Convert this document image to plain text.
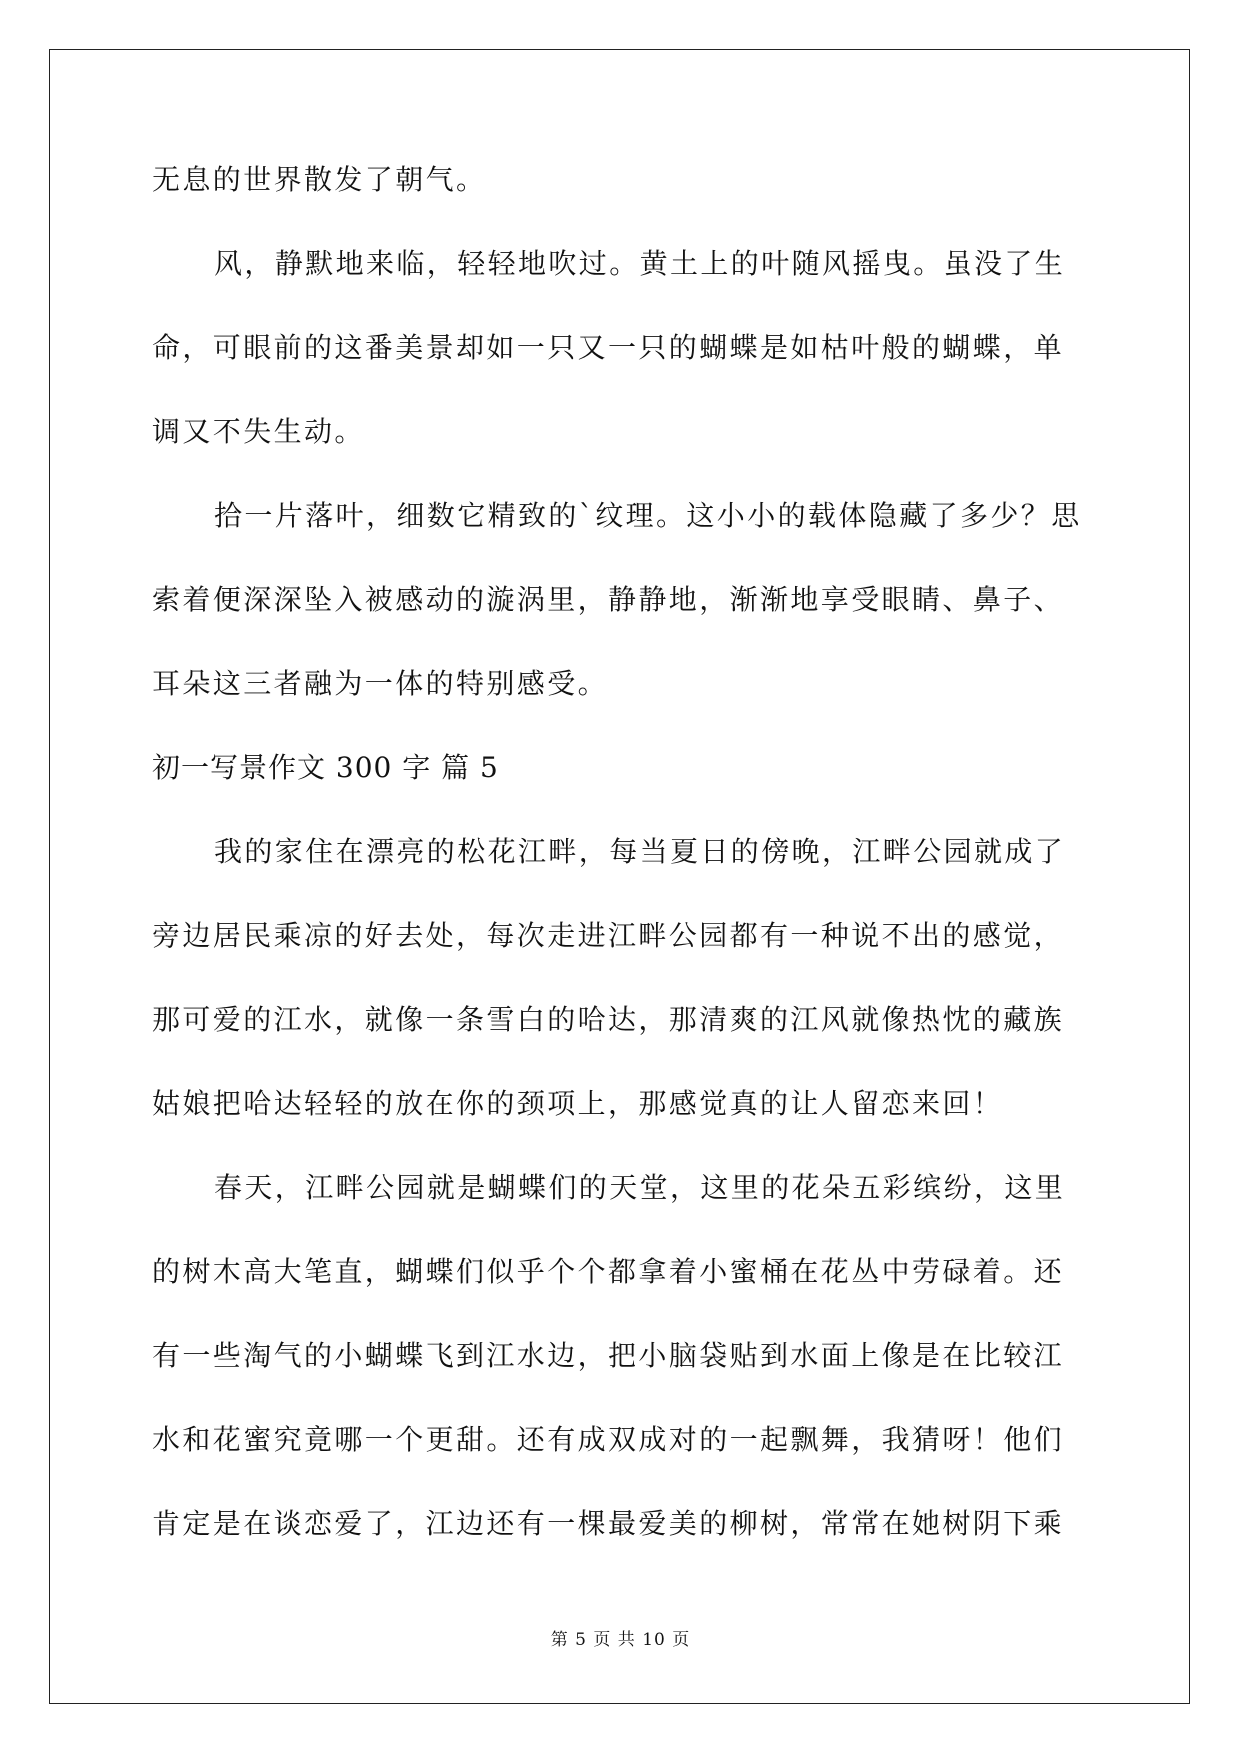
无息的世界散发了朝气。
风，静默地来临，轻轻地吹过。黄土上的叶随风摇曳。虽没了生
命，可眼前的这番美景却如一只又一只的蝴蝶是如枯叶般的蝴蝶，单
调又不失生动。
拾一片落叶，细数它精致的`纹理。这小小的载体隐藏了多少？思
索着便深深坠入被感动的漩涡里，静静地，渐渐地享受眼睛、鼻子、
耳朵这三者融为一体的特别感受。
初一写景作文 300 字 篇 5
我的家住在漂亮的松花江畔，每当夏日的傍晚，江畔公园就成了
旁边居民乘凉的好去处，每次走进江畔公园都有一种说不出的感觉，
那可爱的江水，就像一条雪白的哈达，那清爽的江风就像热忱的藏族
姑娘把哈达轻轻的放在你的颈项上，那感觉真的让人留恋来回！
春天，江畔公园就是蝴蝶们的天堂，这里的花朵五彩缤纷，这里
的树木高大笔直，蝴蝶们似乎个个都拿着小蜜桶在花丛中劳碌着。还
有一些淘气的小蝴蝶飞到江水边，把小脑袋贴到水面上像是在比较江
水和花蜜究竟哪一个更甜。还有成双成对的一起飘舞，我猜呀！他们
肯定是在谈恋爱了，江边还有一棵最爱美的柳树，常常在她树阴下乘
第 5 页 共 10 页
